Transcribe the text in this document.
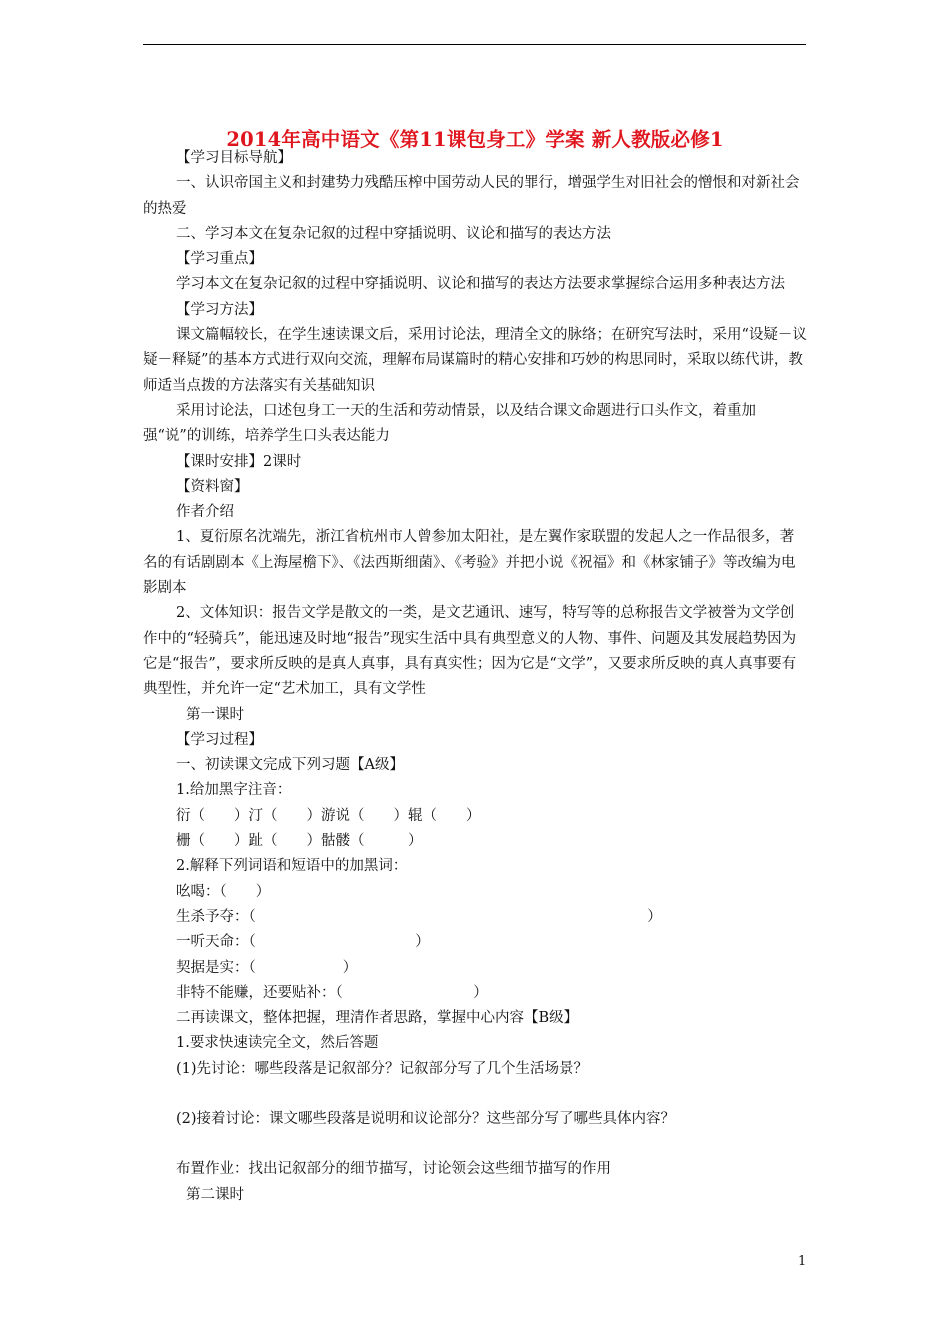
2014年高中语文《第11课包身工》学案 新人教版必修1

【学习目标导航】

一、认识帝国主义和封建势力残酷压榨中国劳动人民的罪行，增强学生对旧社会的憎恨和对新社会的热爱

二、学习本文在复杂记叙的过程中穿插说明、议论和描写的表达方法

【学习重点】

学习本文在复杂记叙的过程中穿插说明、议论和描写的表达方法要求掌握综合运用多种表达方法

【学习方法】

课文篇幅较长，在学生速读课文后，采用讨论法，理清全文的脉络；在研究写法时，采用“设疑－议疑－释疑”的基本方式进行双向交流，理解布局谋篇时的精心安排和巧妙的构思同时，采取以练代讲，教师适当点拨的方法落实有关基础知识

采用讨论法，口述包身工一天的生活和劳动情景，以及结合课文命题进行口头作文，着重加强“说”的训练，培养学生口头表达能力

【课时安排】2课时

【资料窗】

作者介绍

1、夏衍原名沈端先，浙江省杭州市人曾参加太阳社，是左翼作家联盟的发起人之一作品很多，著名的有话剧剧本《上海屋檐下》、《法西斯细菌》、《考验》并把小说《祝福》和《林家铺子》等改编为电影剧本

2、文体知识：报告文学是散文的一类，是文艺通讯、速写，特写等的总称报告文学被誉为文学创作中的“轻骑兵”，能迅速及时地“报告”现实生活中具有典型意义的人物、事件、问题及其发展趋势因为它是“报告”，要求所反映的是真人真事，具有真实性；因为它是“文学”，又要求所反映的真人真事要有典型性，并允许一定“艺术加工，具有文学性

第一课时

【学习过程】

一、初读课文完成下列习题【A级】

1.给加黑字注音：

衍（　　）汀（　　）游说（　　）辊（　　）

栅（　　）趾（　　）骷髅（　　　）

2.解释下列词语和短语中的加黑词：

吆喝：（　　）

生杀予夺：（　　　　　　　　　　　　　　　　　　　　　　　　　　　）

一听天命：（　　　　　　　　　　　）

契据是实：（　　　　　　）

非特不能赚，还要贴补：（　　　　　　　　　）

二再读课文，整体把握，理清作者思路，掌握中心内容【B级】

1.要求快速读完全文，然后答题

(1)先讨论：哪些段落是记叙部分？记叙部分写了几个生活场景？

(2)接着讨论：课文哪些段落是说明和议论部分？这些部分写了哪些具体内容？

布置作业：找出记叙部分的细节描写，讨论领会这些细节描写的作用

第二课时

1
